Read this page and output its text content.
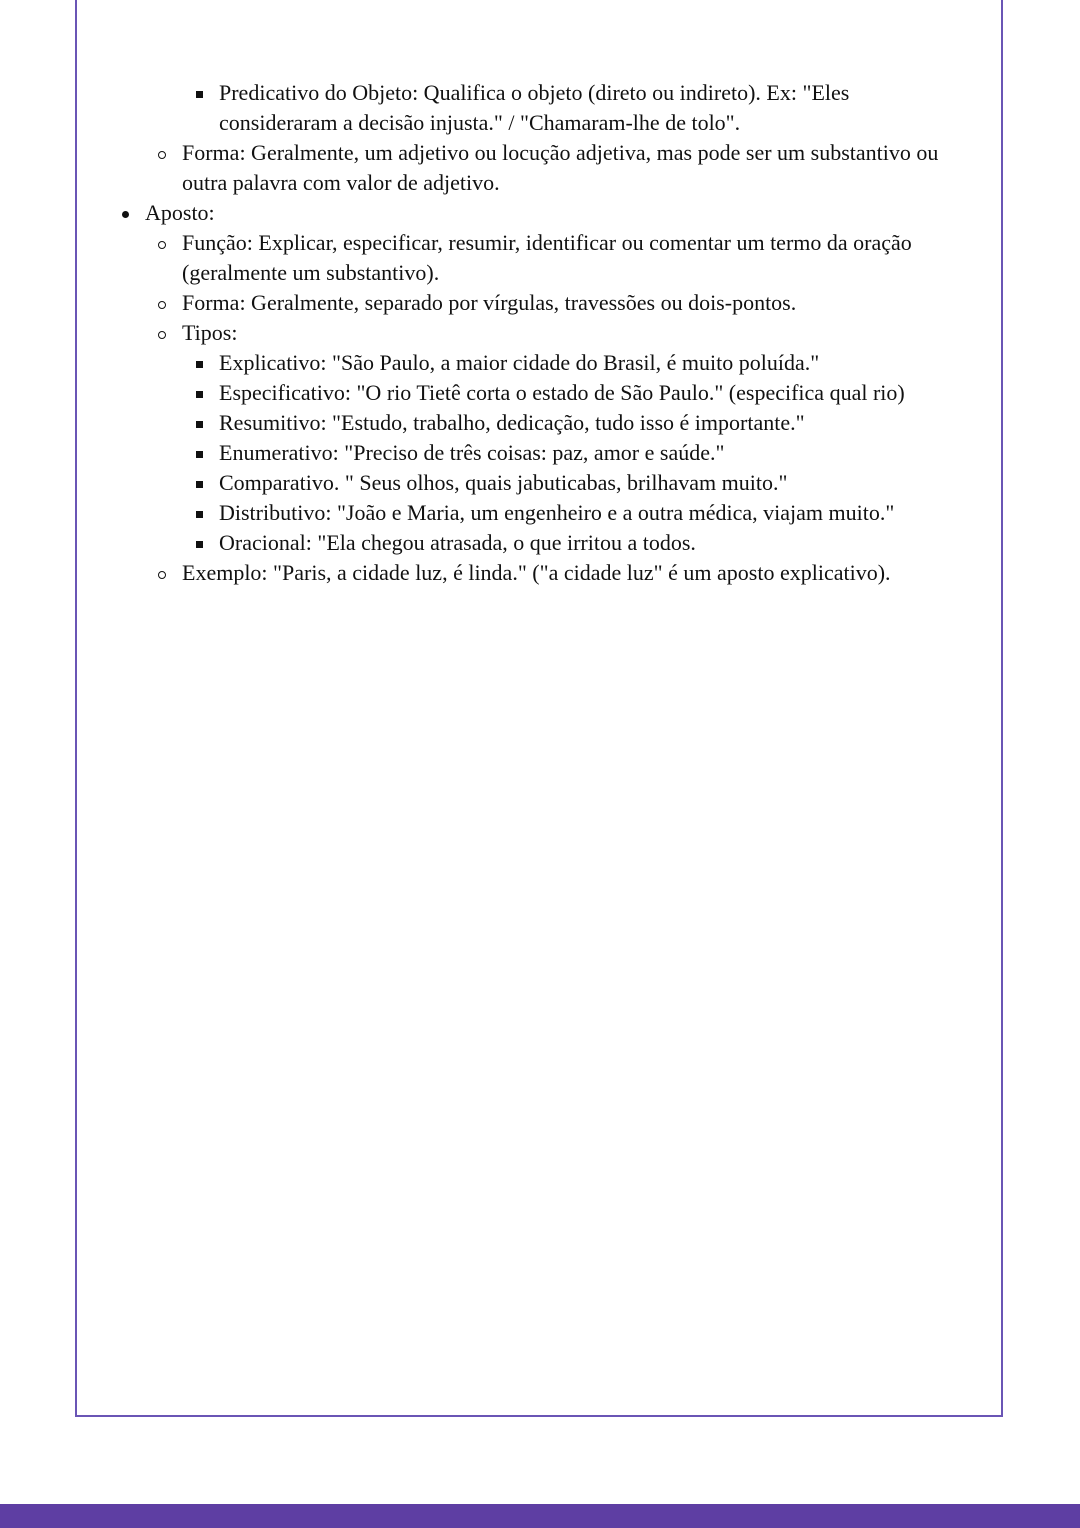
Predicativo do Objeto: Qualifica o objeto (direto ou indireto). Ex: "Eles
consideraram a decisão injusta." / "Chamaram-lhe de tolo".
Forma: Geralmente, um adjetivo ou locução adjetiva, mas pode ser um substantivo ou
outra palavra com valor de adjetivo.
Aposto:
Função: Explicar, especificar, resumir, identificar ou comentar um termo da oração
(geralmente um substantivo).
Forma: Geralmente, separado por vírgulas, travessões ou dois-pontos.
Tipos:
Explicativo: "São Paulo, a maior cidade do Brasil, é muito poluída."
Especificativo: "O rio Tietê corta o estado de São Paulo." (especifica qual rio)
Resumitivo: "Estudo, trabalho, dedicação, tudo isso é importante."
Enumerativo: "Preciso de três coisas: paz, amor e saúde."
Comparativo. " Seus olhos, quais jabuticabas, brilhavam muito."
Distributivo: "João e Maria, um engenheiro e a outra médica, viajam muito."
Oracional: "Ela chegou atrasada, o que irritou a todos.
Exemplo: "Paris, a cidade luz, é linda." ("a cidade luz" é um aposto explicativo).
